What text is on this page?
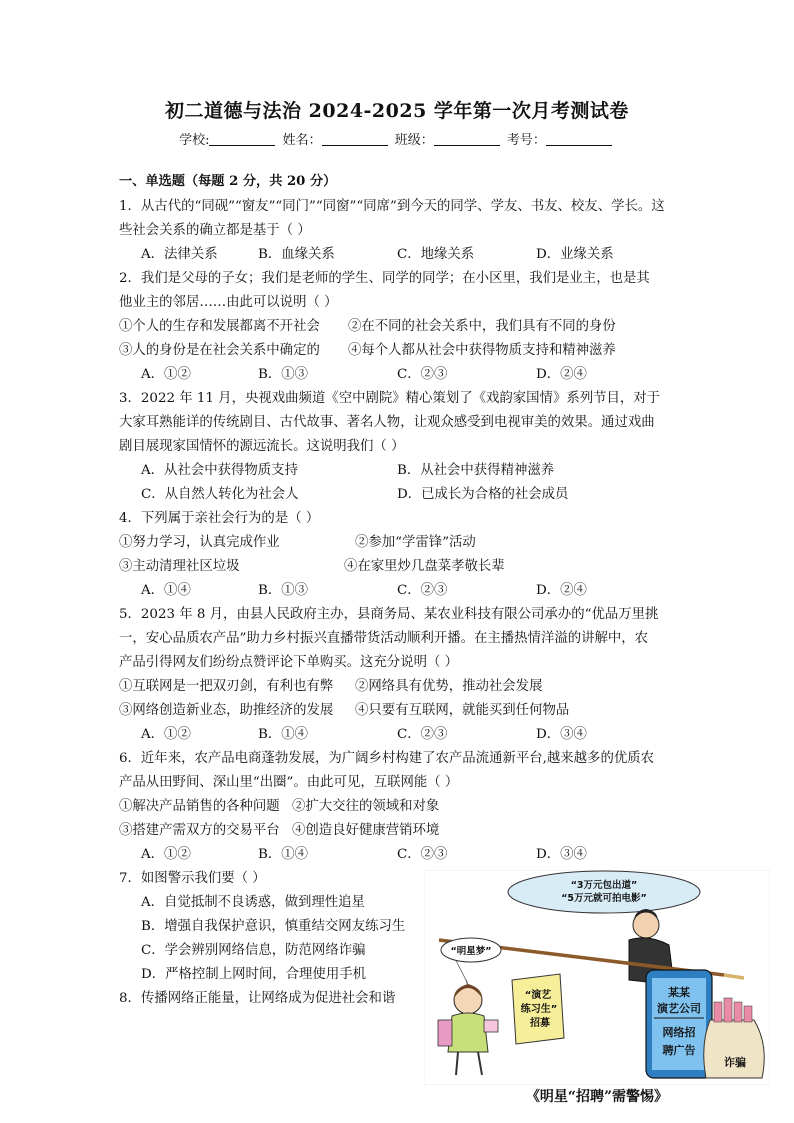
初二道德与法治 2024-2025 学年第一次月考测试卷
学校:	姓名：	班级：	考号：
一、单选题（每题 2 分，共 20 分）
1．从古代的“同砚”“窗友”“同门”“同窗”“同席”到今天的同学、学友、书友、校友、学长。这
些社会关系的确立都是基于（ ）
A．法律关系	B．血缘关系	C．地缘关系	D．业缘关系
2．我们是父母的子女；我们是老师的学生、同学的同学；在小区里，我们是业主，也是其
他业主的邻居……由此可以说明（ ）
①个人的生存和发展都离不开社会 ②在不同的社会关系中，我们具有不同的身份
③人的身份是在社会关系中确定的 ④每个人都从社会中获得物质支持和精神滋养
A．①②	B．①③	C．②③	D．②④
3．2022 年 11 月，央视戏曲频道《空中剧院》精心策划了《戏韵家国情》系列节目，对于
大家耳熟能详的传统剧目、古代故事、著名人物，让观众感受到电视审美的效果。通过戏曲
剧目展现家国情怀的源远流长。这说明我们（ ）
A．从社会中获得物质支持	B．从社会中获得精神滋养
C．从自然人转化为社会人	D．已成长为合格的社会成员
4．下列属于亲社会行为的是（ ）
①努力学习，认真完成作业	②参加“学雷锋”活动
③主动清理社区垃圾	④在家里炒几盘菜孝敬长辈
A．①④	B．①③	C．②③	D．②④
5．2023 年 8 月，由县人民政府主办，县商务局、某农业科技有限公司承办的“优品万里挑
一，安心品质农产品”助力乡村振兴直播带货活动顺利开播。在主播热情洋溢的讲解中，农
产品引得网友们纷纷点赞评论下单购买。这充分说明（ ）
①互联网是一把双刃剑，有利也有弊 ②网络具有优势，推动社会发展
③网络创造新业态，助推经济的发展 ④只要有互联网，就能买到任何物品
A．①②	B．①④	C．②③	D．③④
6．近年来，农产品电商蓬勃发展，为广阔乡村构建了农产品流通新平台,越来越多的优质农
产品从田野间、深山里“出圈”。由此可见，互联网能（ ）
①解决产品销售的各种问题 ②扩大交往的领域和对象
③搭建产需双方的交易平台 ④创造良好健康营销环境
A．①②	B．①④	C．②③	D．③④
7．如图警示我们要（ ）
A．自觉抵制不良诱惑，做到理性追星
B．增强自我保护意识，慎重结交网友练习生
C．学会辨别网络信息，防范网络诈骗
D．严格控制上网时间，合理使用手机
8．传播网络正能量，让网络成为促进社会和谐
“3万元包出道”
“5万元就可拍电影”
“明星梦”
“演艺
练习生”
招募
某某
演艺公司
网络招
聘广告
诈骗
《明星“招聘”需警惕》
